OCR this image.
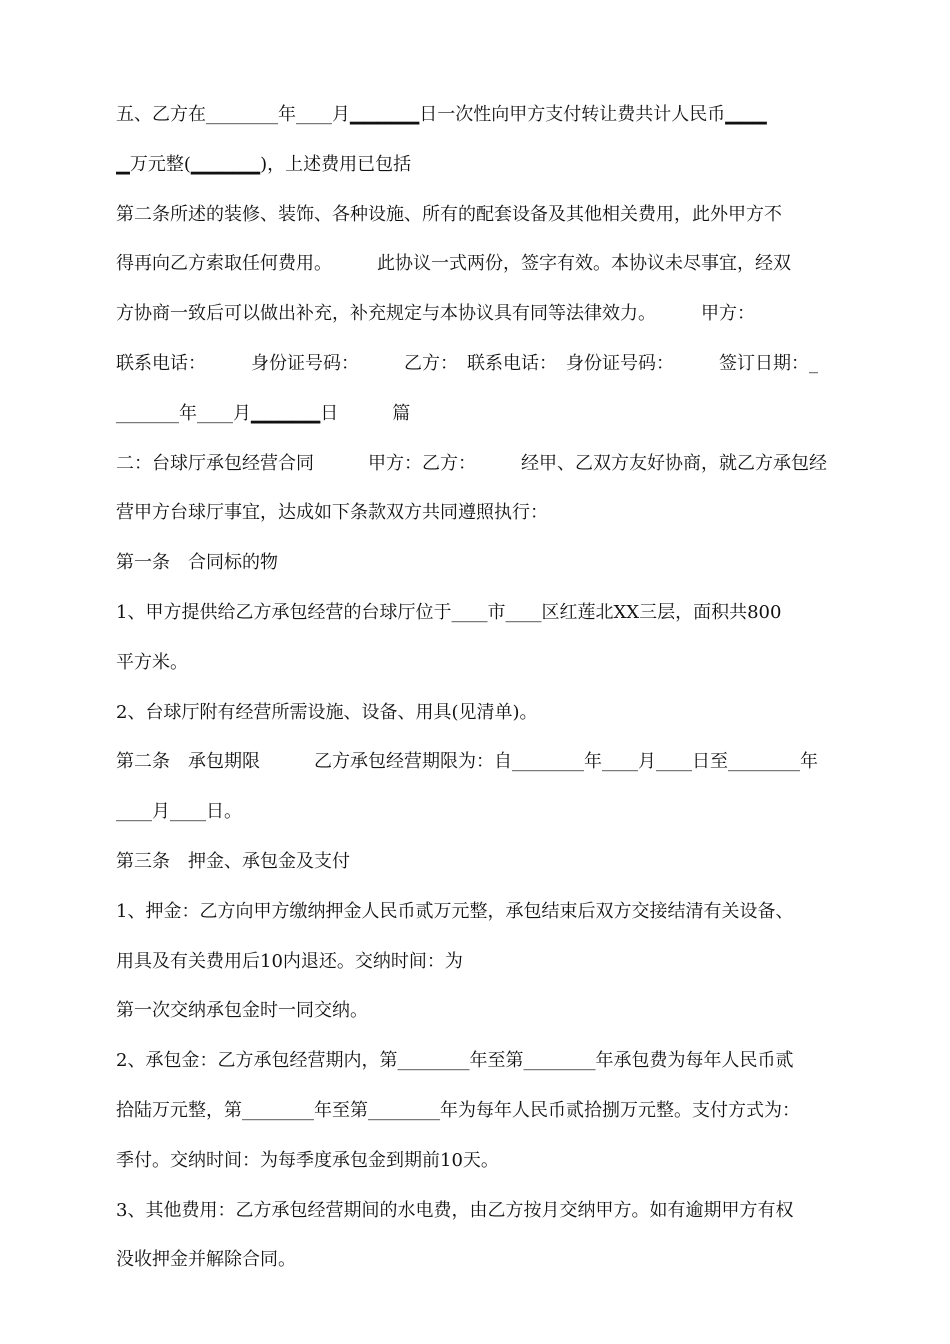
五、乙方在________年____月▁▁▁▁▁日一次性向甲方支付转让费共计人民币▁▁▁
▁万元整(▁▁▁▁▁)，上述费用已包括
第二条所述的装修、装饰、各种设施、所有的配套设备及其他相关费用，此外甲方不
得再向乙方索取任何费用。　　　此协议一式两份，签字有效。本协议未尽事宜，经双
方协商一致后可以做出补充，补充规定与本协议具有同等法律效力。　　　甲方：
联系电话：　　　身份证号码：　　　乙方：　联系电话：　身份证号码：　　　签订日期：_
_______年____月▁▁▁▁▁日　　　篇
二：台球厅承包经营合同　　　甲方：乙方：　　　经甲、乙双方友好协商，就乙方承包经
营甲方台球厅事宜，达成如下条款双方共同遵照执行：
第一条　合同标的物
1、甲方提供给乙方承包经营的台球厅位于____市____区红莲北XX三层，面积共800
平方米。
2、台球厅附有经营所需设施、设备、用具(见清单)。
第二条　承包期限　　　乙方承包经营期限为：自________年____月____日至________年
____月____日。
第三条　押金、承包金及支付
1、押金：乙方向甲方缴纳押金人民币贰万元整，承包结束后双方交接结清有关设备、
用具及有关费用后10内退还。交纳时间：为
第一次交纳承包金时一同交纳。
2、承包金：乙方承包经营期内，第________年至第________年承包费为每年人民币贰
拾陆万元整，第________年至第________年为每年人民币贰拾捌万元整。支付方式为：
季付。交纳时间：为每季度承包金到期前10天。
3、其他费用：乙方承包经营期间的水电费，由乙方按月交纳甲方。如有逾期甲方有权
没收押金并解除合同。
